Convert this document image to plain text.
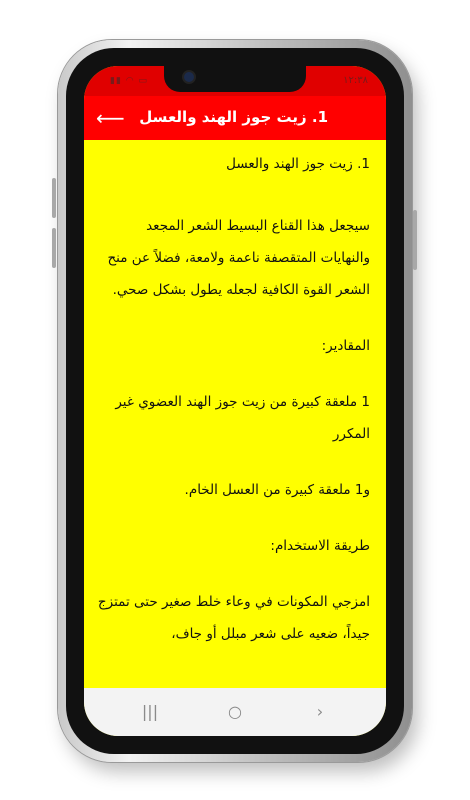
▮▮ ◠ ▭	١٢:٣٨
⟵ 1. زيت جوز الهند والعسل

1. زيت جوز الهند والعسل

سيجعل هذا القناع البسيط الشعر المجعد والنهايات المتقصفة ناعمة ولامعة، فضلاً عن منح الشعر القوة الكافية لجعله يطول بشكل صحي.

المقادير:

1 ملعقة كبيرة من زيت جوز الهند العضوي غير المكرر

و1 ملعقة كبيرة من العسل الخام.

طريقة الاستخدام:

امزجي المكونات في وعاء خلط صغير حتى تمتزج جيداً، ضعيه على شعر مبلل أو جاف،

|||	○	›
